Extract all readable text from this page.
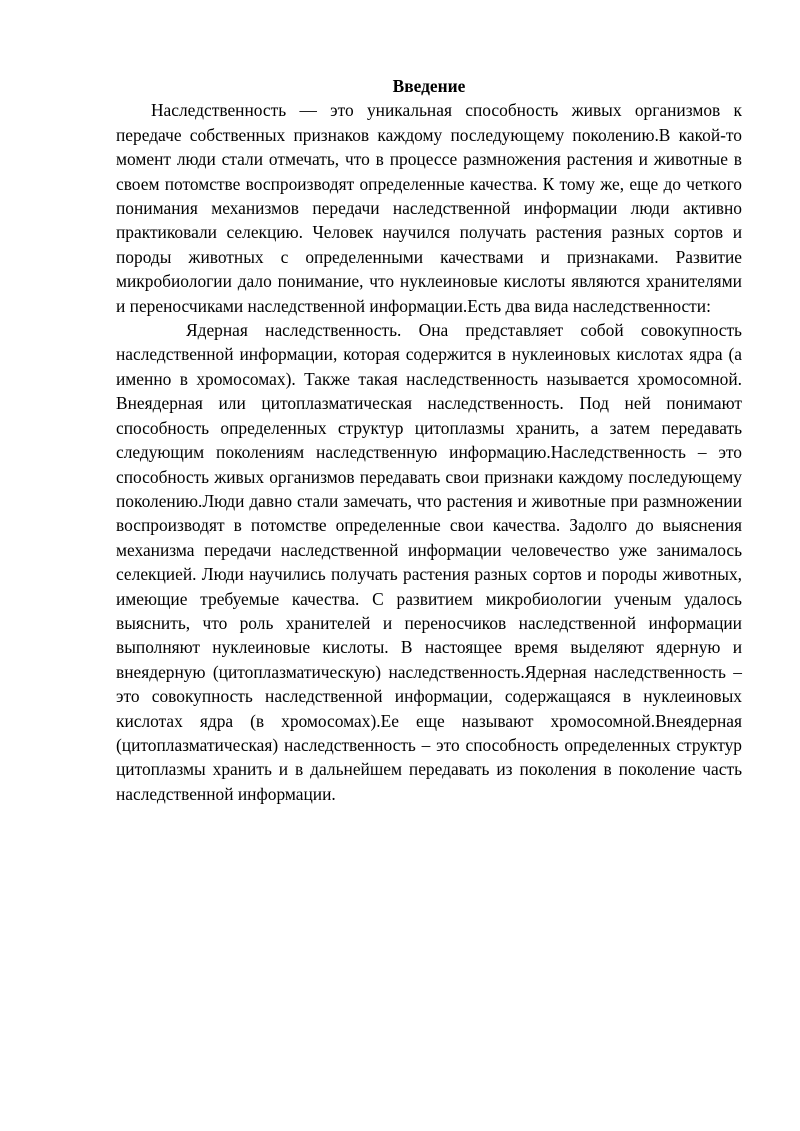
Введение

Наследственность — это уникальная способность живых организмов к передаче собственных признаков каждому последующему поколению.В какой-то момент люди стали отмечать, что в процессе размножения растения и животные в своем потомстве воспроизводят определенные качества. К тому же, еще до четкого понимания механизмов передачи наследственной информации люди активно практиковали селекцию. Человек научился получать растения разных сортов и породы животных с определенными качествами и признаками. Развитие микробиологии дало понимание, что нуклеиновые кислоты являются хранителями и переносчиками наследственной информации.Есть два вида наследственности:

Ядерная наследственность. Она представляет собой совокупность наследственной информации, которая содержится в нуклеиновых кислотах ядра (а именно в хромосомах). Также такая наследственность называется хромосомной. Внеядерная или цитоплазматическая наследственность. Под ней понимают способность определенных структур цитоплазмы хранить, а затем передавать следующим поколениям наследственную информацию.Наследственность – это способность живых организмов передавать свои признаки каждому последующему поколению.Люди давно стали замечать, что растения и животные при размножении воспроизводят в потомстве определенные свои качества. Задолго до выяснения механизма передачи наследственной информации человечество уже занималось селекцией. Люди научились получать растения разных сортов и породы животных, имеющие требуемые качества. С развитием микробиологии ученым удалось выяснить, что роль хранителей и переносчиков наследственной информации выполняют нуклеиновые кислоты. В настоящее время выделяют ядерную и внеядерную (цитоплазматическую) наследственность.Ядерная наследственность – это совокупность наследственной информации, содержащаяся в нуклеиновых кислотах ядра (в хромосомах).Ее еще называют хромосомной.Внеядерная (цитоплазматическая) наследственность – это способность определенных структур цитоплазмы хранить и в дальнейшем передавать из поколения в поколение часть наследственной информации.
